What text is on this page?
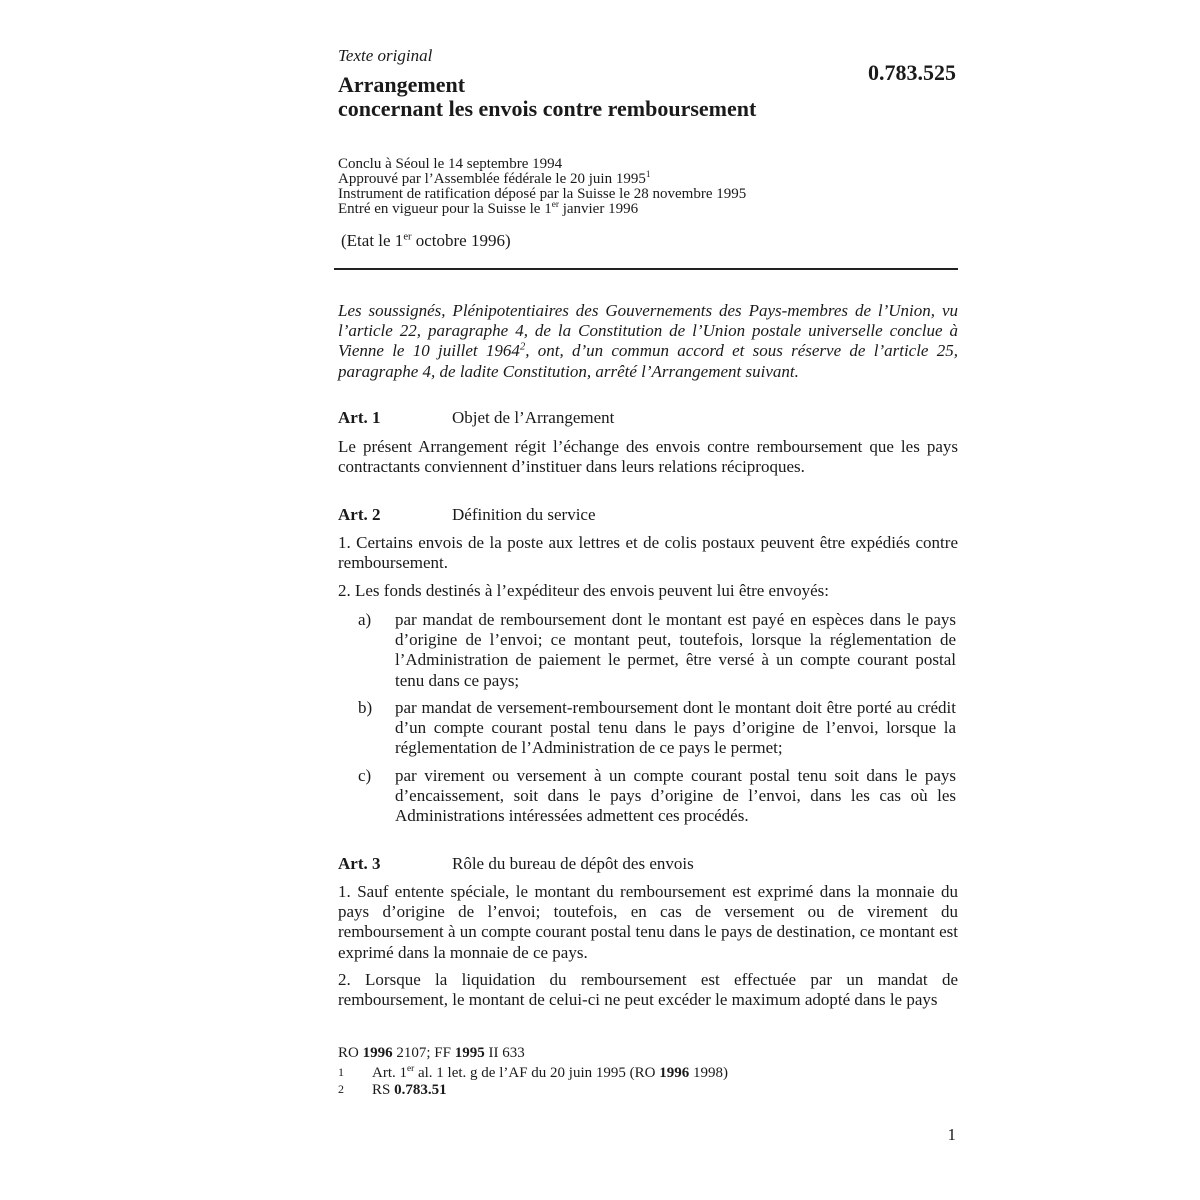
Texte original
0.783.525
Arrangement
concernant les envois contre remboursement
Conclu à Séoul le 14 septembre 1994
Approuvé par l’Assemblée fédérale le 20 juin 1995$^1$
Instrument de ratification déposé par la Suisse le 28 novembre 1995
Entré en vigueur pour la Suisse le 1er janvier 1996
(Etat le 1er octobre 1996)
Les soussignés, Plénipotentiaires des Gouvernements des Pays-membres de l’Union, vu l’article 22, paragraphe 4, de la Constitution de l’Union postale universelle conclue à Vienne le 10 juillet 1964$^2$, ont, d’un commun accord et sous réserve de l’article 25, paragraphe 4, de ladite Constitution, arrêté l’Arrangement suivant.
Art. 1	Objet de l’Arrangement
Le présent Arrangement régit l’échange des envois contre remboursement que les pays contractants conviennent d’instituer dans leurs relations réciproques.
Art. 2	Définition du service
1. Certains envois de la poste aux lettres et de colis postaux peuvent être expédiés contre remboursement.
2. Les fonds destinés à l’expéditeur des envois peuvent lui être envoyés:
a) par mandat de remboursement dont le montant est payé en espèces dans le pays d’origine de l’envoi; ce montant peut, toutefois, lorsque la réglementation de l’Administration de paiement le permet, être versé à un compte courant postal tenu dans ce pays;
b) par mandat de versement-remboursement dont le montant doit être porté au crédit d’un compte courant postal tenu dans le pays d’origine de l’envoi, lorsque la réglementation de l’Administration de ce pays le permet;
c) par virement ou versement à un compte courant postal tenu soit dans le pays d’encaissement, soit dans le pays d’origine de l’envoi, dans les cas où les Administrations intéressées admettent ces procédés.
Art. 3	Rôle du bureau de dépôt des envois
1. Sauf entente spéciale, le montant du remboursement est exprimé dans la monnaie du pays d’origine de l’envoi; toutefois, en cas de versement ou de virement du remboursement à un compte courant postal tenu dans le pays de destination, ce montant est exprimé dans la monnaie de ce pays.
2. Lorsque la liquidation du remboursement est effectuée par un mandat de remboursement, le montant de celui-ci ne peut excéder le maximum adopté dans le pays
RO 1996 2107; FF 1995 II 633
1 Art. 1er al. 1 let. g de l’AF du 20 juin 1995 (RO 1996 1998)
2 RS 0.783.51
1
